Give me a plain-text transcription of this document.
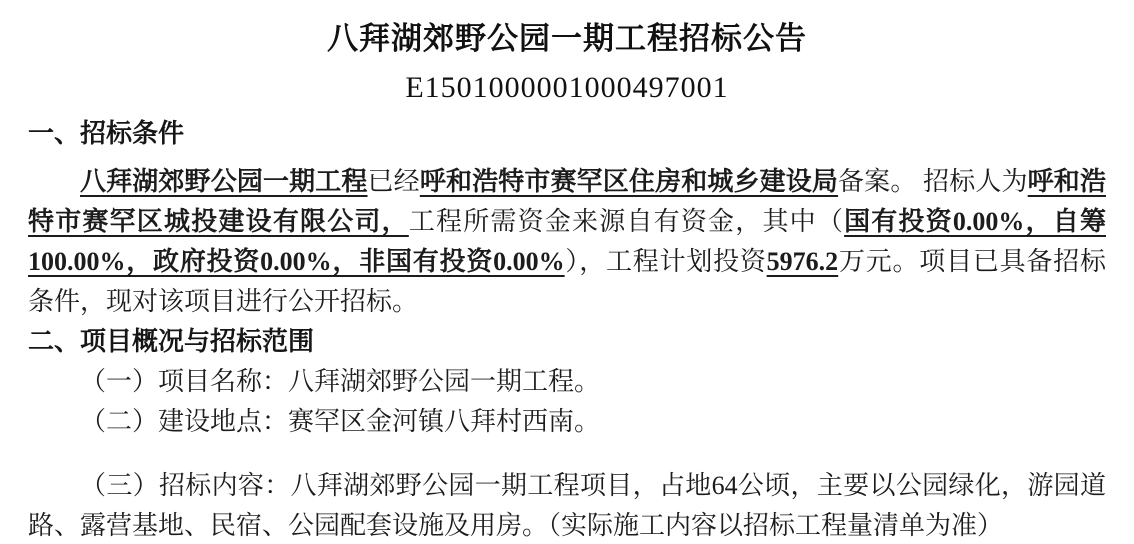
八拜湖郊野公园一期工程招标公告
E1501000001000497001
一、招标条件

八拜湖郊野公园一期工程已经呼和浩特市赛罕区住房和城乡建设局备案。 招标人为呼和浩特市赛罕区城投建设有限公司，工程所需资金来源自有资金，其中（国有投资0.00%，自筹100.00%，政府投资0.00%，非国有投资0.00%），工程计划投资5976.2万元。项目已具备招标条件，现对该项目进行公开招标。

二、项目概况与招标范围

（一）项目名称：八拜湖郊野公园一期工程。

（二）建设地点：赛罕区金河镇八拜村西南。

（三）招标内容：八拜湖郊野公园一期工程项目，占地64公顷，主要以公园绿化，游园道路、露营基地、民宿、公园配套设施及用房。（实际施工内容以招标工程量清单为准）
